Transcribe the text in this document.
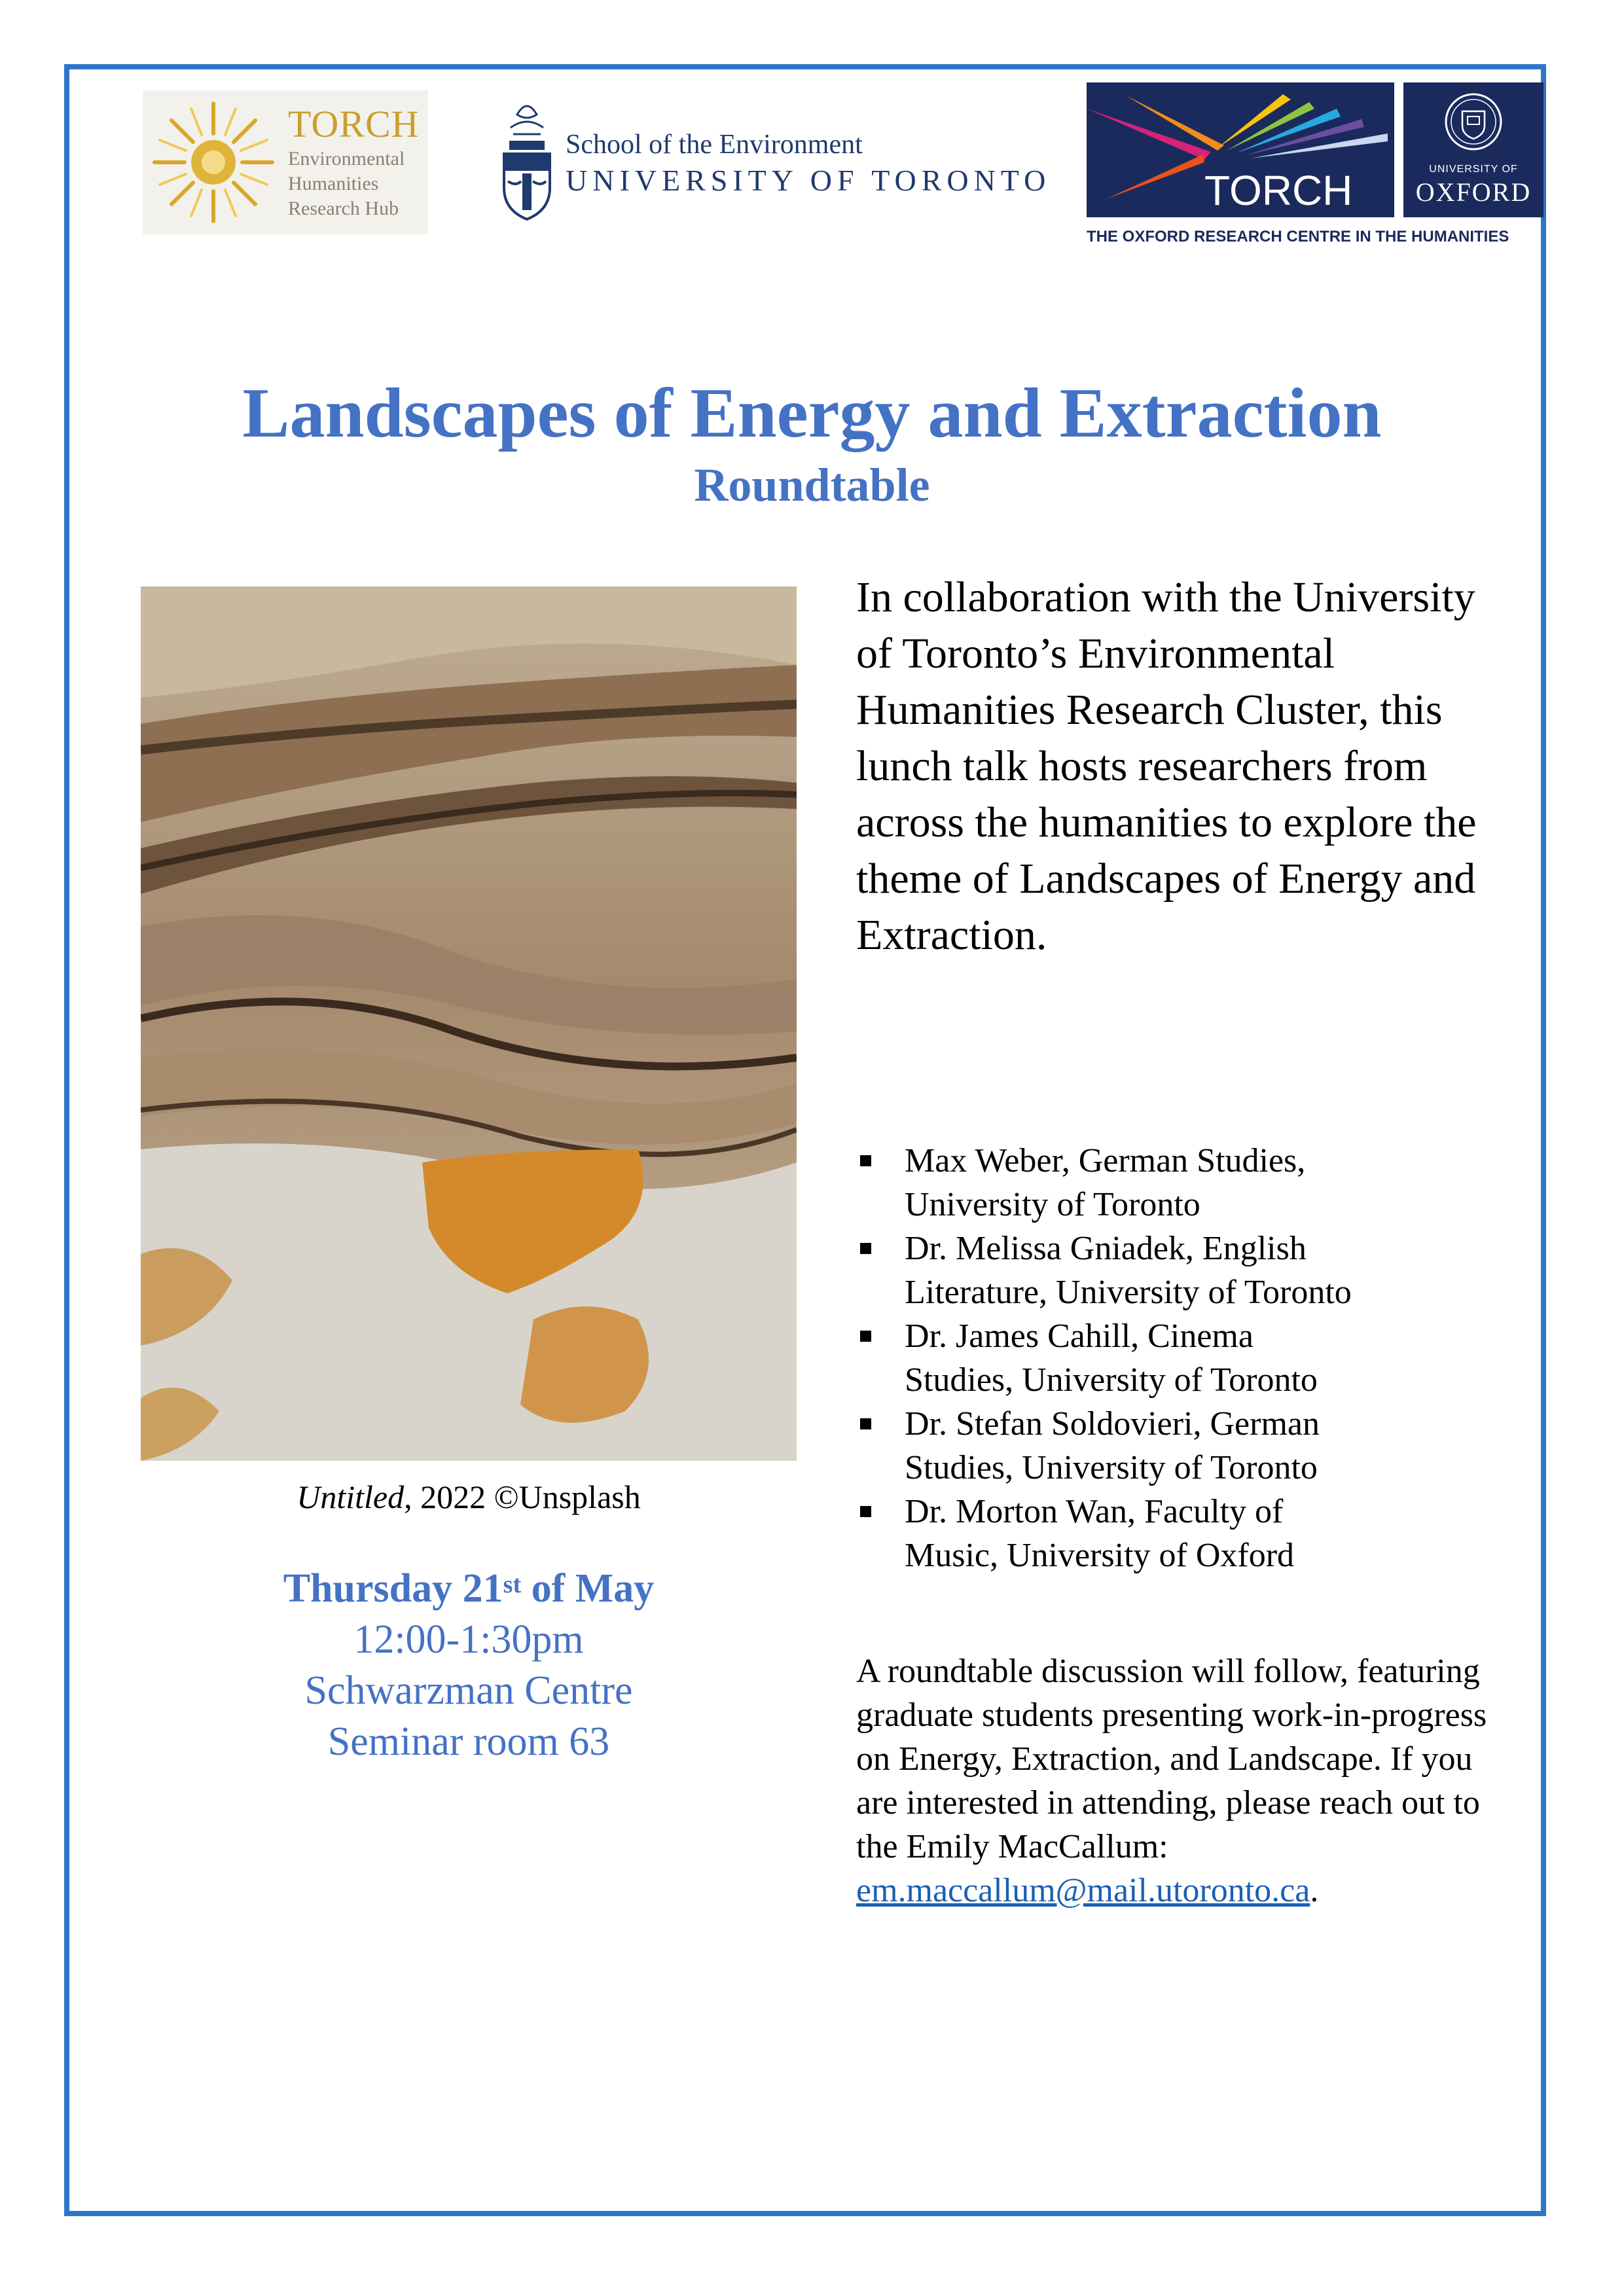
TORCH
Environmental
Humanities
Research Hub
School of the Environment
UNIVERSITY OF TORONTO	TORCH	UNIVERSITY OF
OXFORD
THE OXFORD RESEARCH CENTRE IN THE HUMANITIES
Landscapes of Energy and Extraction
Roundtable
Untitled, 2022 ©Unsplash
Thursday 21st of May
12:00-1:30pm
Schwarzman Centre
Seminar room 63
In collaboration with the University of Toronto’s Environmental Humanities Research Cluster, this lunch talk hosts researchers from across the humanities to explore the theme of Landscapes of Energy and Extraction.
Max Weber, German Studies,
University of Toronto
Dr. Melissa Gniadek, English
Literature, University of Toronto
Dr. James Cahill, Cinema
Studies, University of Toronto
Dr. Stefan Soldovieri, German
Studies, University of Toronto
Dr. Morton Wan, Faculty of
Music, University of Oxford
A roundtable discussion will follow, featuring graduate students presenting work-in-progress on Energy, Extraction, and Landscape. If you are interested in attending, please reach out to the Emily MacCallum: em.maccallum@mail.utoronto.ca.
